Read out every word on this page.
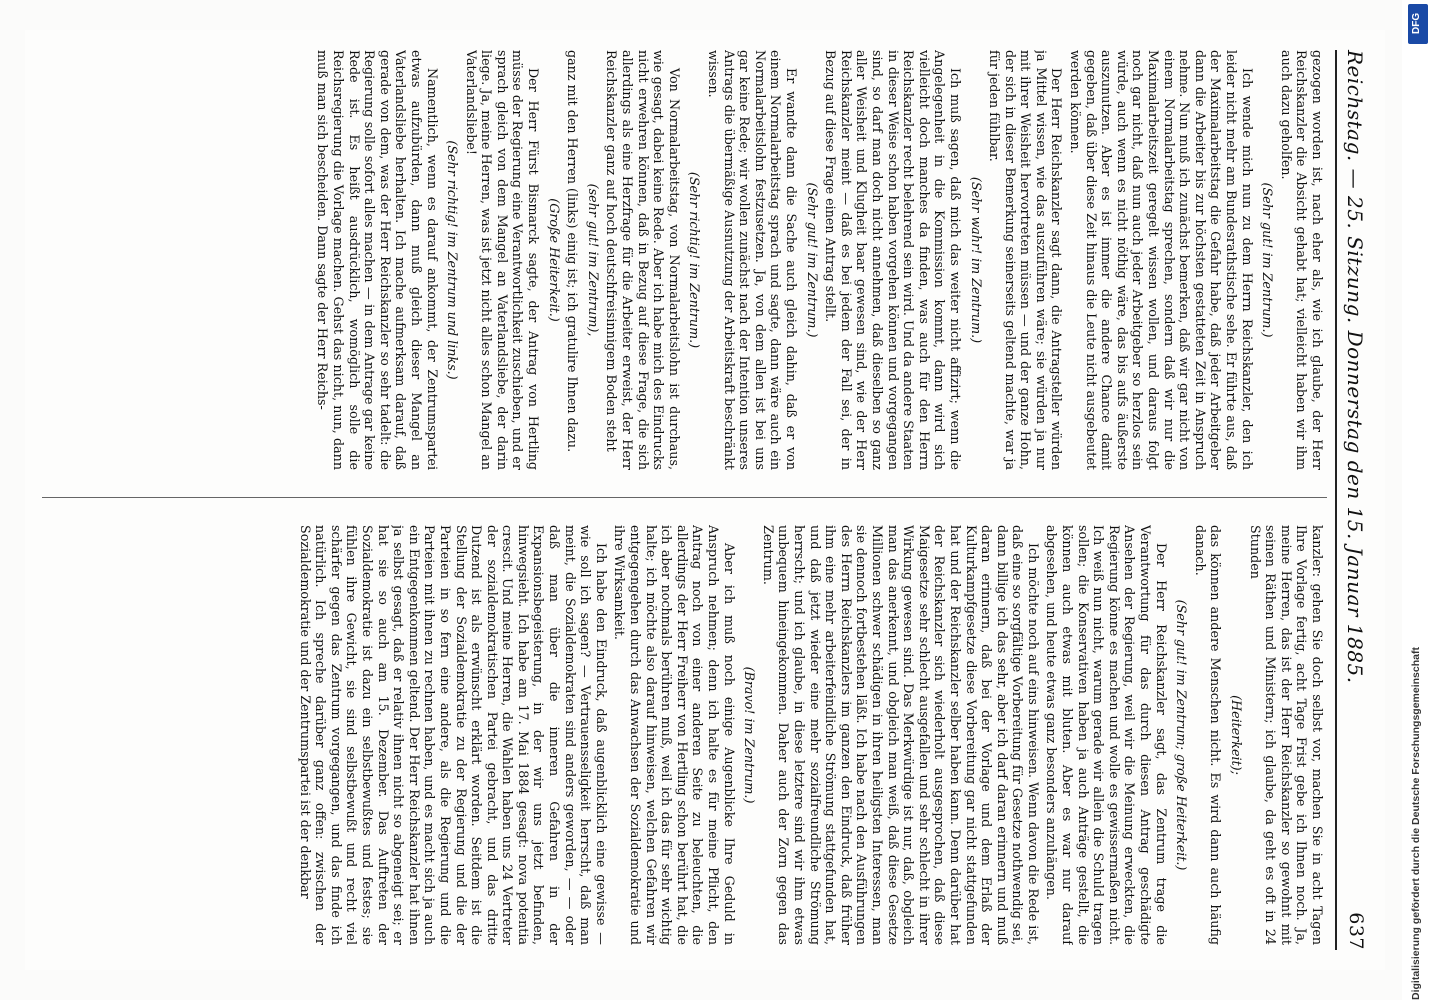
Reichstag. — 25. Sitzung. Donnerstag den 15. Januar 1885.
637

gezogen worden ist, nach eher als, wie ich glaube, der Herr Reichskanzler die Absicht gehabt hat; vielleicht haben wir ihm auch dazu geholfen.

(Sehr gut! im Zentrum.)

Ich wende mich nun zu dem Herrn Reichskanzler, den ich leider nicht mehr am Bundesrathstische sehe. Er führte aus, daß der Maximalarbeitstag die Gefahr habe, daß jeder Arbeitgeber dann die Arbeiter bis zur höchsten gestatteten Zeit in Anspruch nehme. Nun muß ich zunächst bemerken, daß wir gar nicht von einem Normalarbeitstag sprechen, sondern daß wir nur die Maximalarbeitszeit geregelt wissen wollen, und daraus folgt noch gar nicht, daß nun auch jeder Arbeitgeber so herzlos sein würde, auch wenn es nicht nöthig wäre, das bis aufs äußerste auszunutzen. Aber es ist immer die andere Chance damit gegeben, daß über diese Zeit hinaus die Leute nicht ausgebeutet werden können.

Der Herr Reichskanzler sagt dann, die Antragsteller würden ja Mittel wissen, wie das auszuführen wäre; sie würden ja nur mit ihrer Weisheit hervortreten müssen — und der ganze Hohn, der sich in dieser Bemerkung seinerseits geltend machte, war ja für jeden fühlbar.

(Sehr wahr! im Zentrum.)

Ich muß sagen, daß mich das weiter nicht affizirt; wenn die Angelegenheit in die Kommission kommt, dann wird sich vielleicht doch manches da finden, was auch für den Herrn Reichskanzler recht belehrend sein wird. Und da andere Staaten in dieser Weise schon haben vorgehen können und vorgegangen sind, so darf man doch nicht annehmen, daß dieselben so ganz aller Weisheit und Klugheit baar gewesen sind, wie der Herr Reichskanzler meint — daß es bei jedem der Fall sei, der in Bezug auf diese Frage einen Antrag stellt.

(Sehr gut! im Zentrum.)

Er wandte dann die Sache auch gleich dahin, daß er von einem Normalarbeitstag sprach und sagte, dann wäre auch ein Normalarbeitslohn festzusetzen. Ja, von dem allen ist bei uns gar keine Rede; wir wollen zunächst nach der Intention unseres Antrags die übermäßige Ausnutzung der Arbeitskraft beschränkt wissen.

(Sehr richtig! im Zentrum.)

Von Normalarbeitstag, von Normalarbeitslohn ist durchaus, wie gesagt, dabei keine Rede. Aber ich habe mich des Eindrucks nicht erwehren können, daß in Bezug auf diese Frage, die sich allerdings als eine Herzfrage für die Arbeiter erweist, der Herr Reichskanzler ganz auf hoch deutschfreisinnigem Boden steht

(sehr gut! im Zentrum),

ganz mit den Herren (links) einig ist; ich gratulire Ihnen dazu.

(Große Heiterkeit.)

Der Herr Fürst Bismarck sagte, der Antrag von Hertling müsse der Regierung eine Verantwortlichkeit zuschieben, und er sprach gleich von dem Mangel an Vaterlandsliebe, der darin liege. Ja, meine Herren, was ist jetzt nicht alles schon Mangel an Vaterlandsliebe!

(Sehr richtig! im Zentrum und links.)

Namentlich, wenn es darauf ankommt, der Zentrumspartei etwas aufzubürden, dann muß gleich dieser Mangel an Vaterlandsliebe herhalten. Ich mache aufmerksam darauf, daß gerade von dem, was der Herr Reichskanzler so sehr tadelt: die Regierung solle sofort alles machen — in dem Antrage gar keine Rede ist. Es heißt ausdrücklich, womöglich solle die Reichsregierung die Vorlage machen. Gehst das nicht, nun, dann muß man sich bescheiden. Dann sagte der Herr Reichs-

kanzler: gehen Sie doch selbst vor, machen Sie in acht Tagen Ihre Vorlage fertig, acht Tage Frist gebe ich Ihnen noch. Ja, meine Herren, das ist der Herr Reichskanzler so gewohnt mit seinen Räthen und Ministern; ich glaube, da geht es oft in 24 Stunden

(Heiterkeit);

das können andere Menschen nicht. Es wird dann auch häufig danach.

(Sehr gut! im Zentrum; große Heiterkeit.)

Der Herr Reichskanzler sagt, das Zentrum trage die Verantwortung für das durch diesen Antrag geschädigte Ansehen der Regierung, weil wir die Meinung erweckten, die Regierung könne es machen und wolle es gewissermaßen nicht. Ich weiß nun nicht, warum gerade wir allein die Schuld tragen sollen; die Konservativen haben ja auch Anträge gestellt, die können auch etwas mit bluten. Aber es war nur darauf abgesehen, und heute etwas ganz besonders anzuhängen.

Ich möchte noch auf eins hinweisen. Wenn davon die Rede ist, daß eine so sorgfältige Vorbereitung für Gesetze nothwendig sei, dann billige ich das sehr, aber ich darf daran erinnern und muß daran erinnern, daß bei der Vorlage und dem Erlaß der Kulturkampfgesetze diese Vorbereitung gar nicht stattgefunden hat und der Reichskanzler selber haben kann. Denn darüber hat der Reichskanzler sich wiederholt ausgesprochen, daß diese Maigesetze sehr schlecht ausgefallen und sehr schlecht in ihrer Wirkung gewesen sind. Das Merkwürdige ist nur, daß, obgleich man das anerkennt, und obgleich man weiß, daß diese Gesetze Millionen schwer schädigen in ihren heiligsten Interessen, man sie dennoch fortbestehen läßt. Ich habe nach den Ausführungen des Herrn Reichskanzlers im ganzen den Eindruck, daß früher ihm eine mehr arbeiterfeindliche Strömung stattgefunden hat, und daß jetzt wieder eine mehr sozialfreundliche Strömung herrscht; und ich glaube, in diese letztere sind wir ihm etwas unbequem hineingekommen. Daher auch der Zorn gegen das Zentrum.

(Bravo! im Zentrum.)

Aber ich muß noch einige Augenblicke Ihre Geduld in Anspruch nehmen; denn ich halte es für meine Pflicht, den Antrag noch von einer anderen Seite zu beleuchten, die allerdings der Herr Freiherr von Hertling schon berührt hat, die ich aber nochmals berühren muß, weil ich das für sehr wichtig halte; ich möchte also darauf hinweisen, welchen Gefahren wir entgegengehen durch das Anwachsen der Sozialdemokratie und ihre Wirksamkeit.

Ich habe den Eindruck, daß augenblicklich eine gewisse — wie soll ich sagen? — Vertrauensseligkeit herrscht, daß man meint, die Sozialdemokraten sind anders geworden, — — oder daß man über die inneren Gefahren in der Expansionsbegeisterung, in der wir uns jetzt befinden, hinwegsieht. Ich habe am 17. Mai 1884 gesagt: nova potentia crescit. Und meine Herren, die Wahlen haben uns 24 Vertreter der sozialdemokratischen Partei gebracht, und das dritte Dutzend ist als erwünscht erklärt worden. Seitdem ist die Stellung der Sozialdemokratie zu der Regierung und die der Parteien in so fern eine andere, als die Regierung und die Parteien mit ihnen zu rechnen haben, und es macht sich ja auch ein Entgegenkommen geltend. Der Herr Reichskanzler hat ihnen ja selbst gesagt, daß er relativ ihnen nicht so abgeneigt sei; er hat sie so auch am 15. Dezember. Das Auftreten der Sozialdemokratie ist dazu ein selbstbewußtes und festes; sie fühlen ihre Gewicht, sie sind selbstbewußt und recht viel schärfer gegen das Zentrum vorgegangen, und das finde ich natürlich. Ich spreche darüber ganz offen: zwischen der Sozialdemokratie und der Zentrumspartei ist der denkbar

DFG
Digitalisierung gefördert durch die Deutsche Forschungsgemeinschaft
